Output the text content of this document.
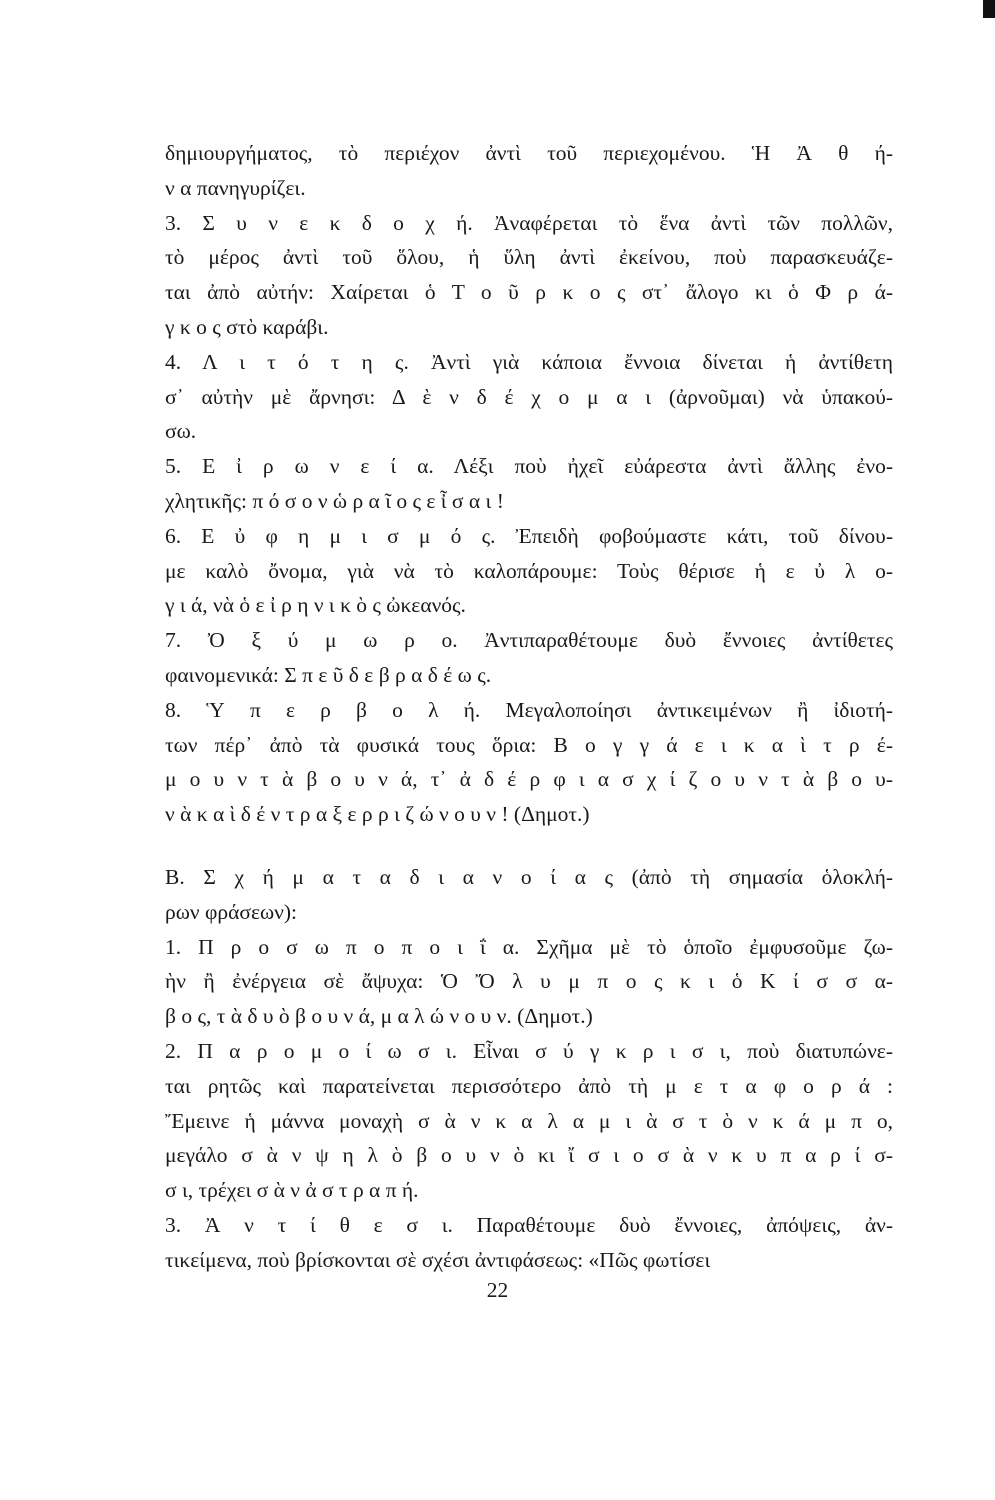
δημιουργήματος, τὸ περιέχον ἀντὶ τοῦ περιεχομένου. Ἡ Ἀ θ ή-
ν α πανηγυρίζει.
3. Σ υ ν ε κ δ ο χ ή. Ἀναφέρεται τὸ ἕνα ἀντὶ τῶν πολλῶν,
τὸ μέρος ἀντὶ τοῦ ὅλου, ἡ ὕλη ἀντὶ ἐκείνου, ποὺ παρασκευάζε-
ται ἀπὸ αὐτήν: Χαίρεται ὁ Τ ο ῦ ρ κ ο ς στ᾽ ἄλογο κι ὁ Φ ρ ά-
γ κ ο ς στὸ καράβι.
4. Λ ι τ ό τ η ς. Ἀντὶ γιὰ κάποια ἔννοια δίνεται ἡ ἀντίθετη
σ᾽ αὐτὴν μὲ ἄρνησι: Δ ὲ ν δ έ χ ο μ α ι (ἀρνοῦμαι) νὰ ὑπακού-
σω.
5. Ε ἰ ρ ω ν ε ί α. Λέξι ποὺ ἠχεῖ εὐάρεστα ἀντὶ ἄλλης ἐνο-
χλητικῆς: π ό σ ο ν ὡ ρ α ῖ ο ς ε ἶ σ α ι !
6. Ε ὐ φ η μ ι σ μ ό ς. Ἐπειδὴ φοβούμαστε κάτι, τοῦ δίνου-
με καλὸ ὄνομα, γιὰ νὰ τὸ καλοπάρουμε: Τοὺς θέρισε ἡ ε ὐ λ ο-
γ ι ά, νὰ ὁ ε ἰ ρ η ν ι κ ὸ ς ὠκεανός.
7. Ὀ ξ ύ μ ω ρ ο. Ἀντιπαραθέτουμε δυὸ ἔννοιες ἀντίθετες
φαινομενικά: Σ π ε ῦ δ ε β ρ α δ έ ω ς.
8. Ὑ π ε ρ β ο λ ή. Μεγαλοποίησι ἀντικειμένων ἢ ἰδιοτή-
των πέρ᾽ ἀπὸ τὰ φυσικά τους ὅρια: Β ο γ γ ά ε ι κ α ὶ τ ρ έ-
μ ο υ ν τ ὰ β ο υ ν ά, τ᾽ ἀ δ έ ρ φ ι α σ χ ί ζ ο υ ν τ ὰ β ο υ-
ν ὰ κ α ὶ δ έ ν τ ρ α ξ ε ρ ρ ι ζ ώ ν ο υ ν ! (Δημοτ.)
Β. Σ χ ή μ α τ α δ ι α ν ο ί α ς (ἀπὸ τὴ σημασία ὁλοκλή-
ρων φράσεων):
1. Π ρ ο σ ω π ο π ο ι ΐ α. Σχῆμα μὲ τὸ ὁποῖο ἐμφυσοῦμε ζω-
ὴν ἢ ἐνέργεια σὲ ἄψυχα: Ὁ Ὄ λ υ μ π ο ς κ ι ὁ Κ ί σ σ α-
β ο ς, τ ὰ δ υ ὸ β ο υ ν ά, μ α λ ώ ν ο υ ν. (Δημοτ.)
2. Π α ρ ο μ ο ί ω σ ι. Εἶναι σ ύ γ κ ρ ι σ ι, ποὺ διατυπώνε-
ται ρητῶς καὶ παρατείνεται περισσότερο ἀπὸ τὴ μ ε τ α φ ο ρ ά :
Ἔμεινε ἡ μάννα μοναχὴ σ ὰ ν κ α λ α μ ι ὰ σ τ ὸ ν κ ά μ π ο,
μεγάλο σ ὰ ν ψ η λ ὸ β ο υ ν ὸ κι ἴ σ ι ο σ ὰ ν κ υ π α ρ ί σ-
σ ι, τρέχει σ ὰ ν ἀ σ τ ρ α π ή.
3. Ἀ ν τ ί θ ε σ ι. Παραθέτουμε δυὸ ἔννοιες, ἀπόψεις, ἀν-
τικείμενα, ποὺ βρίσκονται σὲ σχέσι ἀντιφάσεως: «Πῶς φωτίσει
22
